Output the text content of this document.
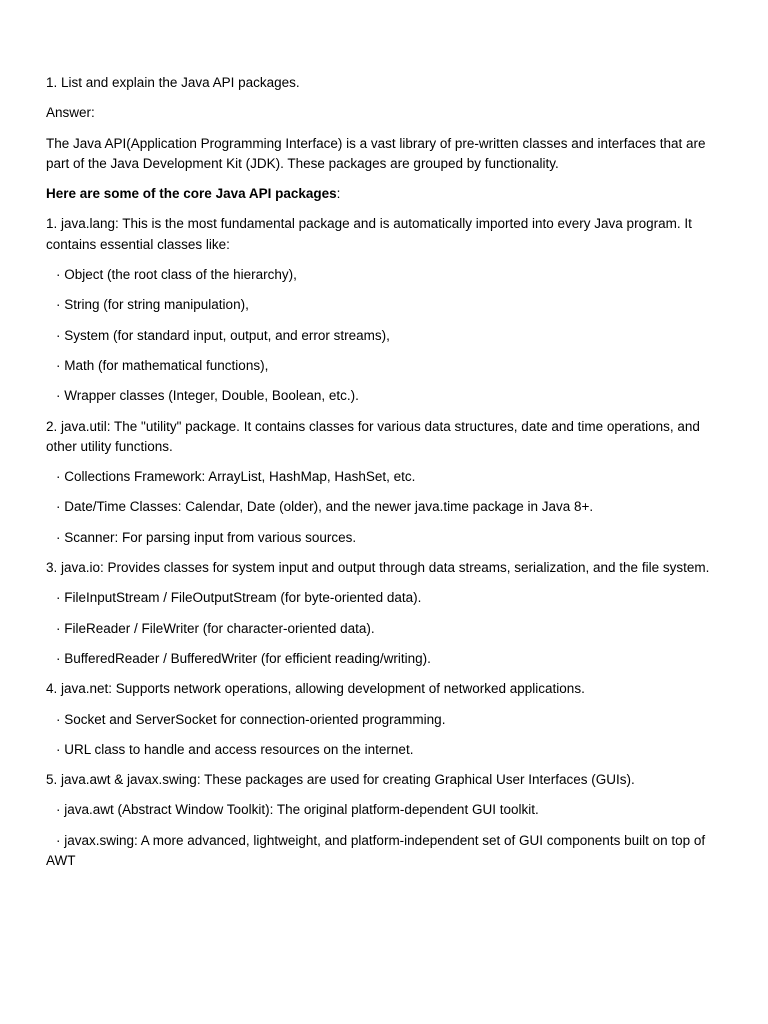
1. List and explain the Java API packages.

Answer:

The Java API(Application Programming Interface) is a vast library of pre-written classes and interfaces that are part of the Java Development Kit (JDK). These packages are grouped by functionality.

Here are some of the core Java API packages:

1. java.lang: This is the most fundamental package and is automatically imported into every Java program. It contains essential classes like:

· Object (the root class of the hierarchy),

· String (for string manipulation),

· System (for standard input, output, and error streams),

· Math (for mathematical functions),

· Wrapper classes (Integer, Double, Boolean, etc.).

2. java.util: The "utility" package. It contains classes for various data structures, date and time operations, and other utility functions.

· Collections Framework: ArrayList, HashMap, HashSet, etc.

· Date/Time Classes: Calendar, Date (older), and the newer java.time package in Java 8+.

· Scanner: For parsing input from various sources.

3. java.io: Provides classes for system input and output through data streams, serialization, and the file system.

· FileInputStream / FileOutputStream (for byte-oriented data).

· FileReader / FileWriter (for character-oriented data).

· BufferedReader / BufferedWriter (for efficient reading/writing).

4. java.net: Supports network operations, allowing development of networked applications.

· Socket and ServerSocket for connection-oriented programming.

· URL class to handle and access resources on the internet.

5. java.awt & javax.swing: These packages are used for creating Graphical User Interfaces (GUIs).

· java.awt (Abstract Window Toolkit): The original platform-dependent GUI toolkit.

· javax.swing: A more advanced, lightweight, and platform-independent set of GUI components built on top of AWT
